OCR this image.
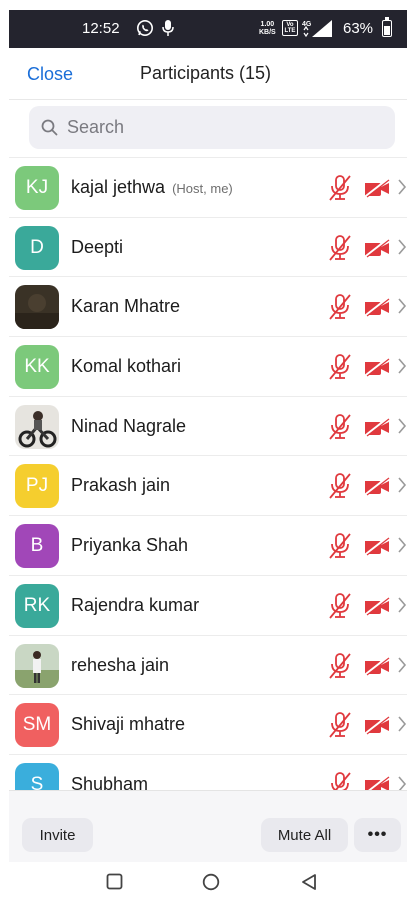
12:52	1.00
KB/S
Vo
LTE
4G 63%
Close	Participants (15)
Search
KJ	kajal jethwa (Host, me)
D	Deepti
Karan Mhatre
KK	Komal kothari
Ninad Nagrale
PJ	Prakash jain
B	Priyanka Shah
RK	Rajendra kumar
rehesha jain
SM	Shivaji mhatre
S	Shubham
Invite	Mute All	•••
